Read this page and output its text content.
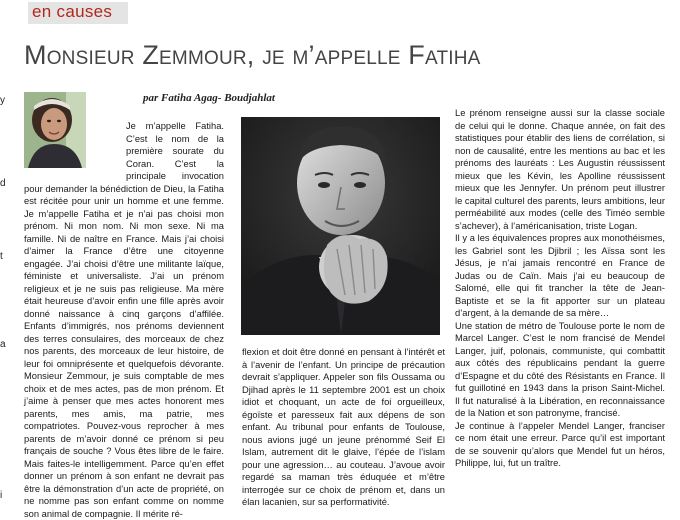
en causes
Monsieur Zemmour, je m’appelle Fatiha
y
d
t
a
i
par Fatiha Agag- Boudjahlat

Je m’appelle Fatiha. C’est le nom de la première sourate du Coran. C’est la principale invocation pour demander la bénédiction de Dieu, la Fatiha est récitée pour unir un homme et une femme. Je m’appelle Fatiha et je n’ai pas choisi mon prénom. Ni mon nom. Ni mon sexe. Ni ma famille. Ni de naître en France. Mais j’ai choisi d’aimer la France d’être une citoyenne engagée. J’ai choisi d’être une militante laïque, féministe et universaliste. J’ai un prénom religieux et je ne suis pas religieuse. Ma mère était heureuse d’avoir enfin une fille après avoir donné naissance à cinq garçons d’affilée. Enfants d’immigrés, nos prénoms deviennent des terres consulaires, des morceaux de chez nos parents, des morceaux de leur histoire, de leur foi omniprésente et quelquefois dévorante. Monsieur Zemmour, je suis comptable de mes choix et de mes actes, pas de mon prénom. Et j’aime à penser que mes actes honorent mes parents, mes amis, ma patrie, mes compatriotes. Pouvez-vous reprocher à mes parents de m’avoir donné ce prénom si peu français de souche ? Vous êtes libre de le faire. Mais faites-le intelligemment. Parce qu’en effet donner un prénom à son enfant ne devrait pas être la démonstration d’un acte de propriété, on ne nomme pas son enfant comme on nomme son animal de compagnie. Il mérite ré-

flexion et doit être donné en pensant à l’intérêt et à l’avenir de l’enfant. Un principe de précaution devrait s’appliquer. Appeler son fils Oussama ou Djihad après le 11 septembre 2001 est un choix idiot et choquant, un acte de foi orgueilleux, égoïste et paresseux fait aux dépens de son enfant. Au tribunal pour enfants de Toulouse, nous avions jugé un jeune prénommé Seif El Islam, autrement dit le glaive, l’épée de l’islam pour une agression… au couteau. J’avoue avoir regardé sa maman très éduquée et m’être interrogée sur ce choix de prénom et, dans un élan lacanien, sur sa performativité.

Le prénom renseigne aussi sur la classe sociale de celui qui le donne. Chaque année, on fait des statistiques pour établir des liens de corrélation, si non de causalité, entre les mentions au bac et les prénoms des lauréats : Les Augustin réussissent mieux que les Kévin, les Apolline réussissent mieux que les Jennyfer. Un prénom peut illustrer le capital culturel des parents, leurs ambitions, leur perméabilité aux modes (celle des Timéo semble s’achever), à l’américanisation, triste Logan.

Il y a les équivalences propres aux monothéismes, les Gabriel sont les Djibril ; les Aïssa sont les Jésus, je n’ai jamais rencontré en France de Judas ou de Caïn. Mais j’ai eu beaucoup de Salomé, elle qui fit trancher la tête de Jean-Baptiste et se la fit apporter sur un plateau d’argent, à la demande de sa mère…

Une station de métro de Toulouse porte le nom de Marcel Langer. C’est le nom francisé de Mendel Langer, juif, polonais, communiste, qui combattit aux côtés des républicains pendant la guerre d’Espagne et du côté des Résistants en France. Il fut guillotiné en 1943 dans la prison Saint-Michel. Il fut naturalisé à la Libération, en reconnaissance de la Nation et son patronyme, francisé.

Je continue à l’appeler Mendel Langer, franciser ce nom était une erreur. Parce qu’il est important de se souvenir qu’alors que Mendel fut un héros, Philippe, lui, fut un traître.
